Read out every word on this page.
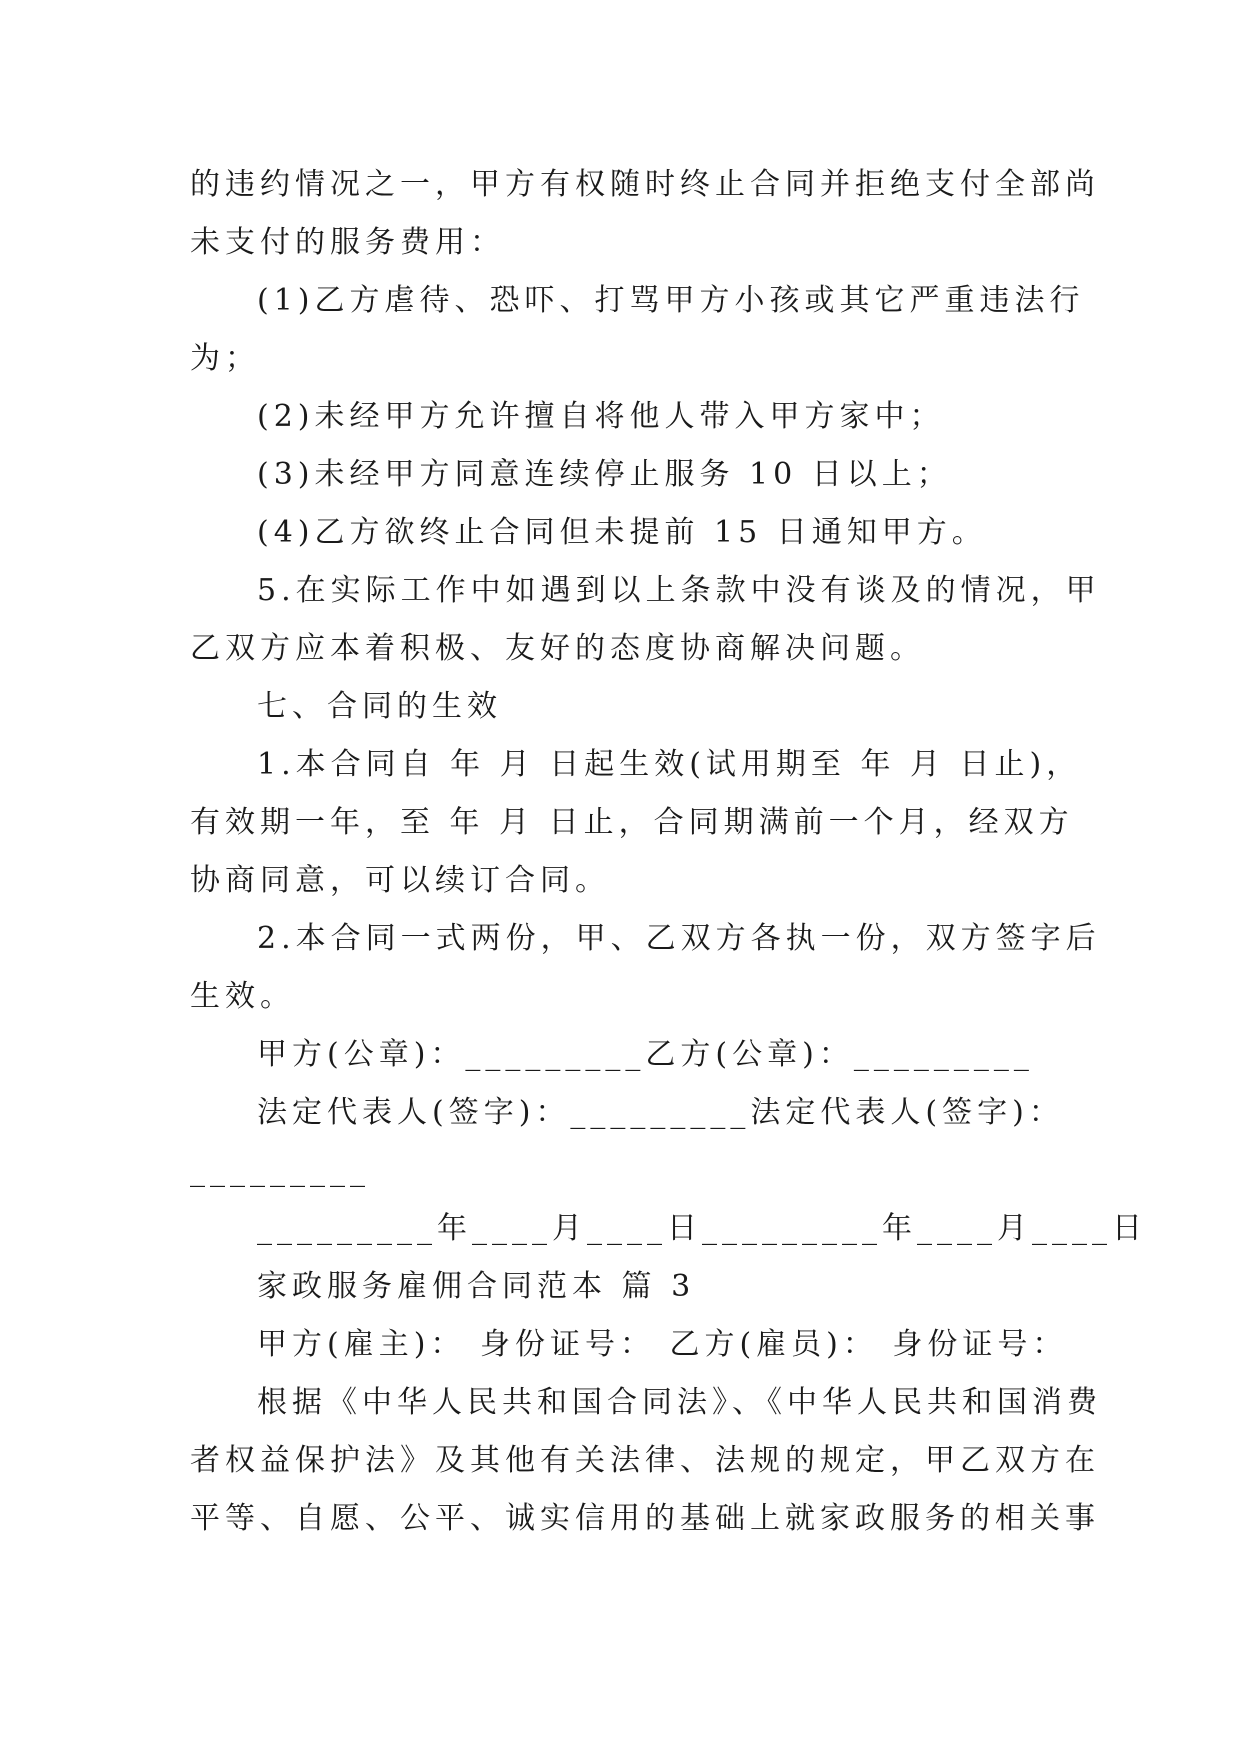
的违约情况之一，甲方有权随时终止合同并拒绝支付全部尚
未支付的服务费用：
(1)乙方虐待、恐吓、打骂甲方小孩或其它严重违法行
为；
(2)未经甲方允许擅自将他人带入甲方家中；
(3)未经甲方同意连续停止服务 10 日以上；
(4)乙方欲终止合同但未提前 15 日通知甲方。
5.在实际工作中如遇到以上条款中没有谈及的情况，甲
乙双方应本着积极、友好的态度协商解决问题。
七、合同的生效
1.本合同自 年 月 日起生效(试用期至 年 月 日止)，
有效期一年，至 年 月 日止，合同期满前一个月，经双方
协商同意，可以续订合同。
2.本合同一式两份，甲、乙双方各执一份，双方签字后
生效。
甲方(公章)：_________乙方(公章)：_________
法定代表人(签字)：_________法定代表人(签字)：
_________
_________年____月____日_________年____月____日
家政服务雇佣合同范本 篇 3
甲方(雇主)： 身份证号： 乙方(雇员)： 身份证号：
根据《中华人民共和国合同法》、《中华人民共和国消费
者权益保护法》及其他有关法律、法规的规定，甲乙双方在
平等、自愿、公平、诚实信用的基础上就家政服务的相关事
